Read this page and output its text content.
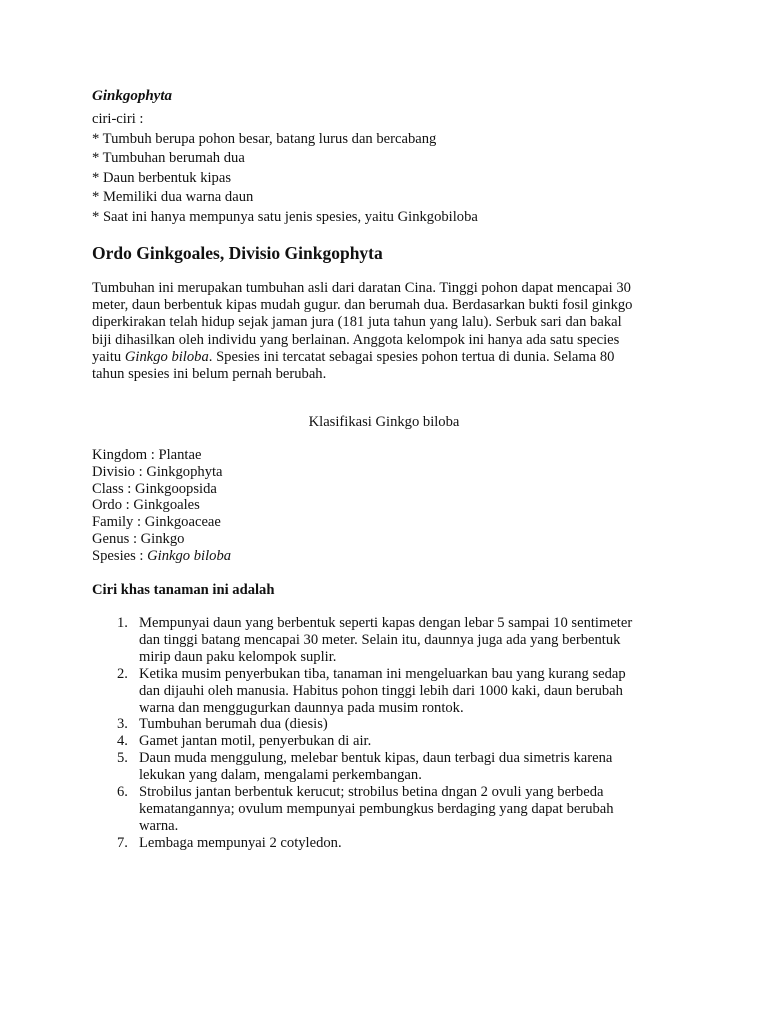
Ginkgophyta
ciri-ciri :
* Tumbuh berupa pohon besar, batang lurus dan bercabang
* Tumbuhan berumah dua
* Daun berbentuk kipas
* Memiliki dua warna daun
* Saat ini hanya mempunya satu jenis spesies, yaitu Ginkgobiloba
Ordo Ginkgoales, Divisio Ginkgophyta
Tumbuhan ini merupakan tumbuhan asli dari daratan Cina. Tinggi pohon dapat mencapai 30
meter, daun berbentuk kipas mudah gugur. dan berumah dua. Berdasarkan bukti fosil ginkgo
diperkirakan telah hidup sejak jaman jura (181 juta tahun yang lalu). Serbuk sari dan bakal
biji dihasilkan oleh individu yang berlainan. Anggota kelompok ini hanya ada satu species
yaitu Ginkgo biloba. Spesies ini tercatat sebagai spesies pohon tertua di dunia. Selama 80
tahun spesies ini belum pernah berubah.

Klasifikasi Ginkgo biloba

Kingdom : Plantae
Divisio : Ginkgophyta
Class : Ginkgoopsida
Ordo : Ginkgoales
Family : Ginkgoaceae
Genus : Ginkgo
Spesies : Ginkgo biloba

Ciri khas tanaman ini adalah

1. Mempunyai daun yang berbentuk seperti kapas dengan lebar 5 sampai 10 sentimeter
dan tinggi batang mencapai 30 meter. Selain itu, daunnya juga ada yang berbentuk
mirip daun paku kelompok suplir.
2. Ketika musim penyerbukan tiba, tanaman ini mengeluarkan bau yang kurang sedap
dan dijauhi oleh manusia. Habitus pohon tinggi lebih dari 1000 kaki, daun berubah
warna dan menggugurkan daunnya pada musim rontok.
3. Tumbuhan berumah dua (diesis)
4. Gamet jantan motil, penyerbukan di air.
5. Daun muda menggulung, melebar bentuk kipas, daun terbagi dua simetris karena
lekukan yang dalam, mengalami perkembangan.
6. Strobilus jantan berbentuk kerucut; strobilus betina dngan 2 ovuli yang berbeda
kematangannya; ovulum mempunyai pembungkus berdaging yang dapat berubah
warna.
7. Lembaga mempunyai 2 cotyledon.
